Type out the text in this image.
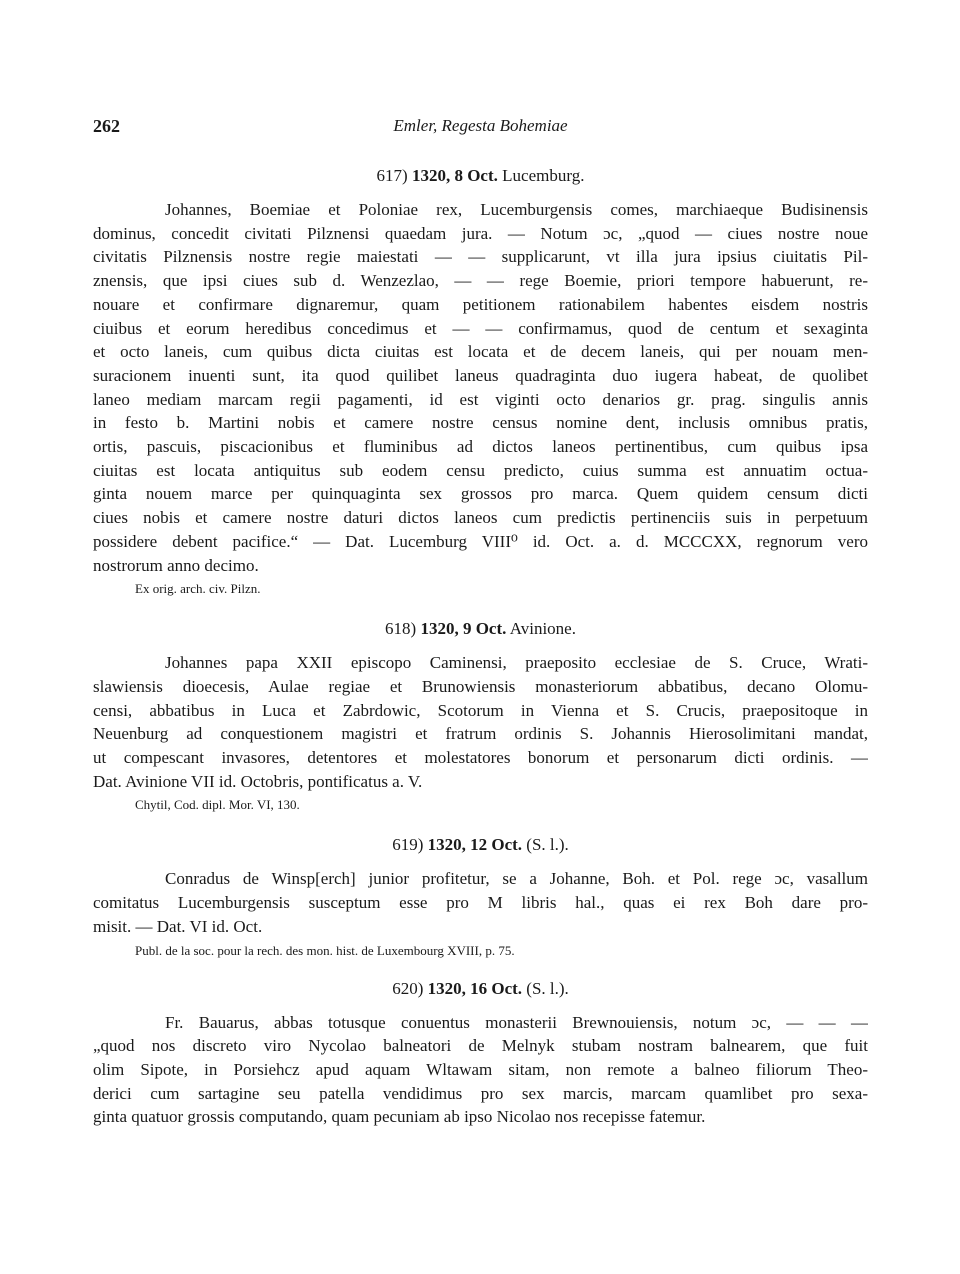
262	Emler, Regesta Bohemiae
617) 1320, 8 Oct. Lucemburg.
Johannes, Boemiae et Poloniae rex, Lucemburgensis comes, marchiaeque Budisinensis
dominus, concedit civitati Pilznensi quaedam jura. — Notum ɔc, „quod — ciues nostre noue
civitatis Pilznensis nostre regie maiestati — — supplicarunt, vt illa jura ipsius ciuitatis Pil-
znensis, que ipsi ciues sub d. Wenzezlao, — — rege Boemie, priori tempore habuerunt, re-
nouare et confirmare dignaremur, quam petitionem rationabilem habentes eisdem nostris
ciuibus et eorum heredibus concedimus et — — confirmamus, quod de centum et sexaginta
et octo laneis, cum quibus dicta ciuitas est locata et de decem laneis, qui per nouam men-
suracionem inuenti sunt, ita quod quilibet laneus quadraginta duo iugera habeat, de quolibet
laneo mediam marcam regii pagamenti, id est viginti octo denarios gr. prag. singulis annis
in festo b. Martini nobis et camere nostre census nomine dent, inclusis omnibus pratis,
ortis, pascuis, piscacionibus et fluminibus ad dictos laneos pertinentibus, cum quibus ipsa
ciuitas est locata antiquitus sub eodem censu predicto, cuius summa est annuatim octua-
ginta nouem marce per quinquaginta sex grossos pro marca. Quem quidem censum dicti
ciues nobis et camere nostre daturi dictos laneos cum predictis pertinenciis suis in perpetuum
possidere debent pacifice.“ — Dat. Lucemburg VIII⁰ id. Oct. a. d. MCCCXX, regnorum vero
nostrorum anno decimo.
Ex orig. arch. civ. Pilzn.
618) 1320, 9 Oct. Avinione.
Johannes papa XXII episcopo Caminensi, praeposito ecclesiae de S. Cruce, Wrati-
slawiensis dioecesis, Aulae regiae et Brunowiensis monasteriorum abbatibus, decano Olomu-
censi, abbatibus in Luca et Zabrdowic, Scotorum in Vienna et S. Crucis, praepositoque in
Neuenburg ad conquestionem magistri et fratrum ordinis S. Johannis Hierosolimitani mandat,
ut compescant invasores, detentores et molestatores bonorum et personarum dicti ordinis. —
Dat. Avinione VII id. Octobris, pontificatus a. V.
Chytil, Cod. dipl. Mor. VI, 130.
619) 1320, 12 Oct. (S. l.).
Conradus de Winsp[erch] junior profitetur, se a Johanne, Boh. et Pol. rege ɔc, vasallum
comitatus Lucemburgensis susceptum esse pro M libris hal., quas ei rex Boh dare pro-
misit. — Dat. VI id. Oct.
Publ. de la soc. pour la rech. des mon. hist. de Luxembourg XVIII, p. 75.
620) 1320, 16 Oct. (S. l.).
Fr. Bauarus, abbas totusque conuentus monasterii Brewnouiensis, notum ɔc, — — —
„quod nos discreto viro Nycolao balneatori de Melnyk stubam nostram balnearem, que fuit
olim Sipote, in Porsiehcz apud aquam Wltawam sitam, non remote a balneo filiorum Theo-
derici cum sartagine seu patella vendidimus pro sex marcis, marcam quamlibet pro sexa-
ginta quatuor grossis computando, quam pecuniam ab ipso Nicolao nos recepisse fatemur.
